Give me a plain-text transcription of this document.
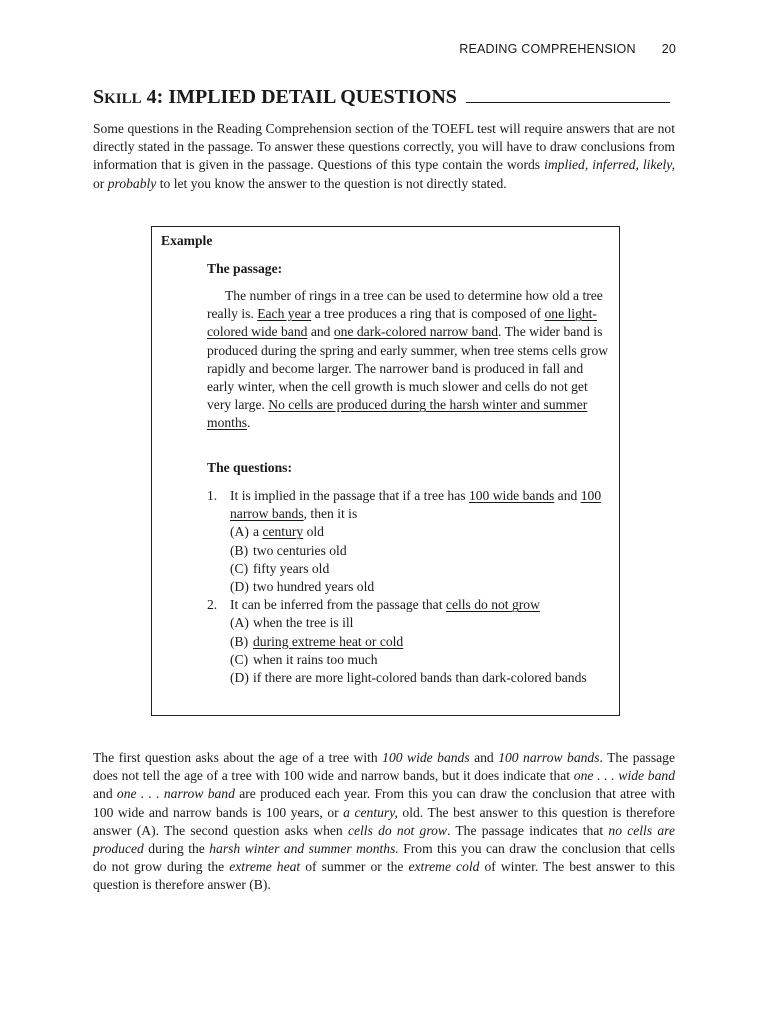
READING COMPREHENSION 20
SKILL 4: IMPLIED DETAIL QUESTIONS
Some questions in the Reading Comprehension section of the TOEFL test will require answers that are not directly stated in the passage. To answer these questions correctly, you will have to draw conclusions from information that is given in the passage. Questions of this type contain the words implied, inferred, likely, or probably to let you know the answer to the question is not directly stated.
Example
The passage:
The number of rings in a tree can be used to determine how old a tree really is. Each year a tree produces a ring that is composed of one light-colored wide band and one dark-colored narrow band. The wider band is produced during the spring and early summer, when tree stems cells grow rapidly and become larger. The narrower band is produced in fall and early winter, when the cell growth is much slower and cells do not get very large. No cells are produced during the harsh winter and summer months.
The questions:
1. It is implied in the passage that if a tree has 100 wide bands and 100 narrow bands, then it is
(A) a century old
(B) two centuries old
(C) fifty years old
(D) two hundred years old
2. It can be inferred from the passage that cells do not grow
(A) when the tree is ill
(B) during extreme heat or cold
(C) when it rains too much
(D) if there are more light-colored bands than dark-colored bands
The first question asks about the age of a tree with 100 wide bands and 100 narrow bands. The passage does not tell the age of a tree with 100 wide and narrow bands, but it does indicate that one . . . wide band and one . . . narrow band are produced each year. From this you can draw the conclusion that atree with 100 wide and narrow bands is 100 years, or a century, old. The best answer to this question is therefore answer (A). The second question asks when cells do not grow. The passage indicates that no cells are produced during the harsh winter and summer months. From this you can draw the conclusion that cells do not grow during the extreme heat of summer or the extreme cold of winter. The best answer to this question is therefore answer (B).
